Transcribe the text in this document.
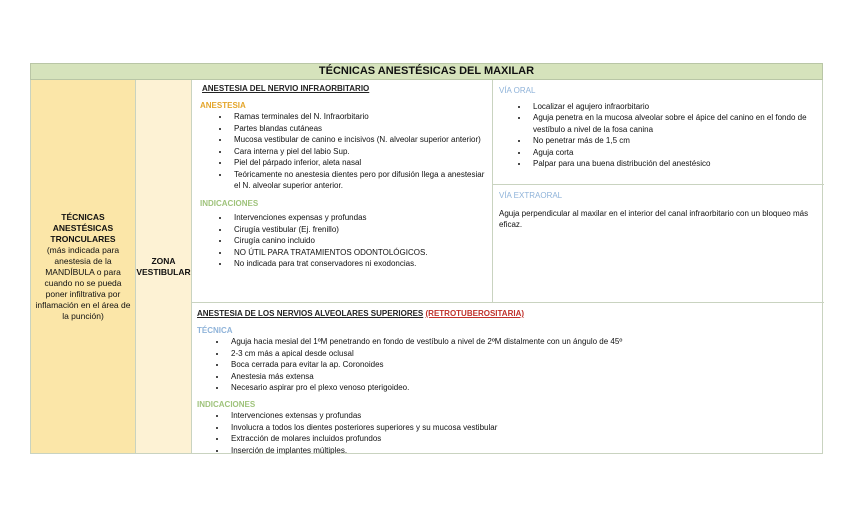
TÉCNICAS ANESTÉSICAS DEL MAXILAR
TÉCNICAS ANESTÉSICAS TRONCULARES
(más indicada para anestesia de la MANDÍBULA o para cuando no se pueda poner infiltrativa por inflamación en el área de la punción)
ZONA VESTIBULAR
ANESTESIA DEL NERVIO INFRAORBITARIO
ANESTESIA
• Ramas terminales del N. Infraorbitario
• Partes blandas cutáneas
• Mucosa vestibular de canino e incisivos (N. alveolar superior anterior)
• Cara interna y piel del labio Sup.
• Piel del párpado inferior, aleta nasal
• Teóricamente no anestesia dientes pero por difusión llega a anestesiar el N. alveolar superior anterior.
INDICACIONES
• Intervenciones expensas y profundas
• Cirugía vestibular (Ej. frenillo)
• Cirugía canino incluido
• NO ÚTIL PARA TRATAMIENTOS ODONTOLÓGICOS.
• No indicada para trat conservadores ni exodoncias.
VÍA ORAL
• Localizar el agujero infraorbitario
• Aguja penetra en la mucosa alveolar sobre el ápice del canino en el fondo de vestíbulo a nivel de la fosa canina
• No penetrar más de 1,5 cm
• Aguja corta
• Palpar para una buena distribución del anestésico
VÍA EXTRAORAL
Aguja perpendicular al maxilar en el interior del canal infraorbitario con un bloqueo más eficaz.
ANESTESIA DE LOS NERVIOS ALVEOLARES SUPERIORES (RETROTUBEROSITARIA)
TÉCNICA
• Aguja hacia mesial del 1ºM penetrando en fondo de vestíbulo a nivel de 2ºM distalmente con un ángulo de 45º
• 2-3 cm más a apical desde oclusal
• Boca cerrada para evitar la ap. Coronoides
• Anestesia más extensa
• Necesario aspirar pro el plexo venoso pterigoideo.
INDICACIONES
• Intervenciones extensas y profundas
• Involucra a todos los dientes posteriores superiores y su mucosa vestibular
• Extracción de molares incluidos profundos
• Inserción de implantes múltiples.
